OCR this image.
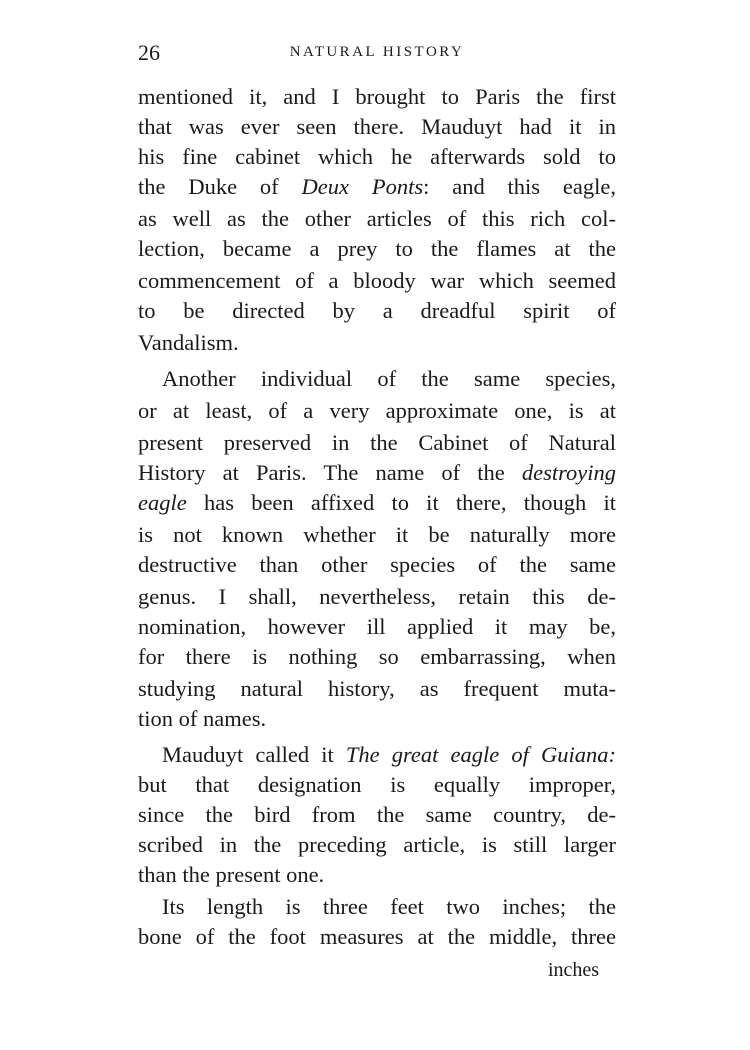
26	NATURAL HISTORY
mentioned it, and I brought to Paris the first
that was ever seen there. Mauduyt had it in
his fine cabinet which he afterwards sold to
the Duke of Deux Ponts: and this eagle,
as well as the other articles of this rich col-
lection, became a prey to the flames at the
commencement of a bloody war which seemed
to be directed by a dreadful spirit of
Vandalism.
Another individual of the same species,
or at least, of a very approximate one, is at
present preserved in the Cabinet of Natural
History at Paris. The name of the destroying
eagle has been affixed to it there, though it
is not known whether it be naturally more
destructive than other species of the same
genus. I shall, nevertheless, retain this de-
nomination, however ill applied it may be,
for there is nothing so embarrassing, when
studying natural history, as frequent muta-
tion of names.
Mauduyt called it The great eagle of Guiana:
but that designation is equally improper,
since the bird from the same country, de-
scribed in the preceding article, is still larger
than the present one.
Its length is three feet two inches; the
bone of the foot measures at the middle, three
inches
